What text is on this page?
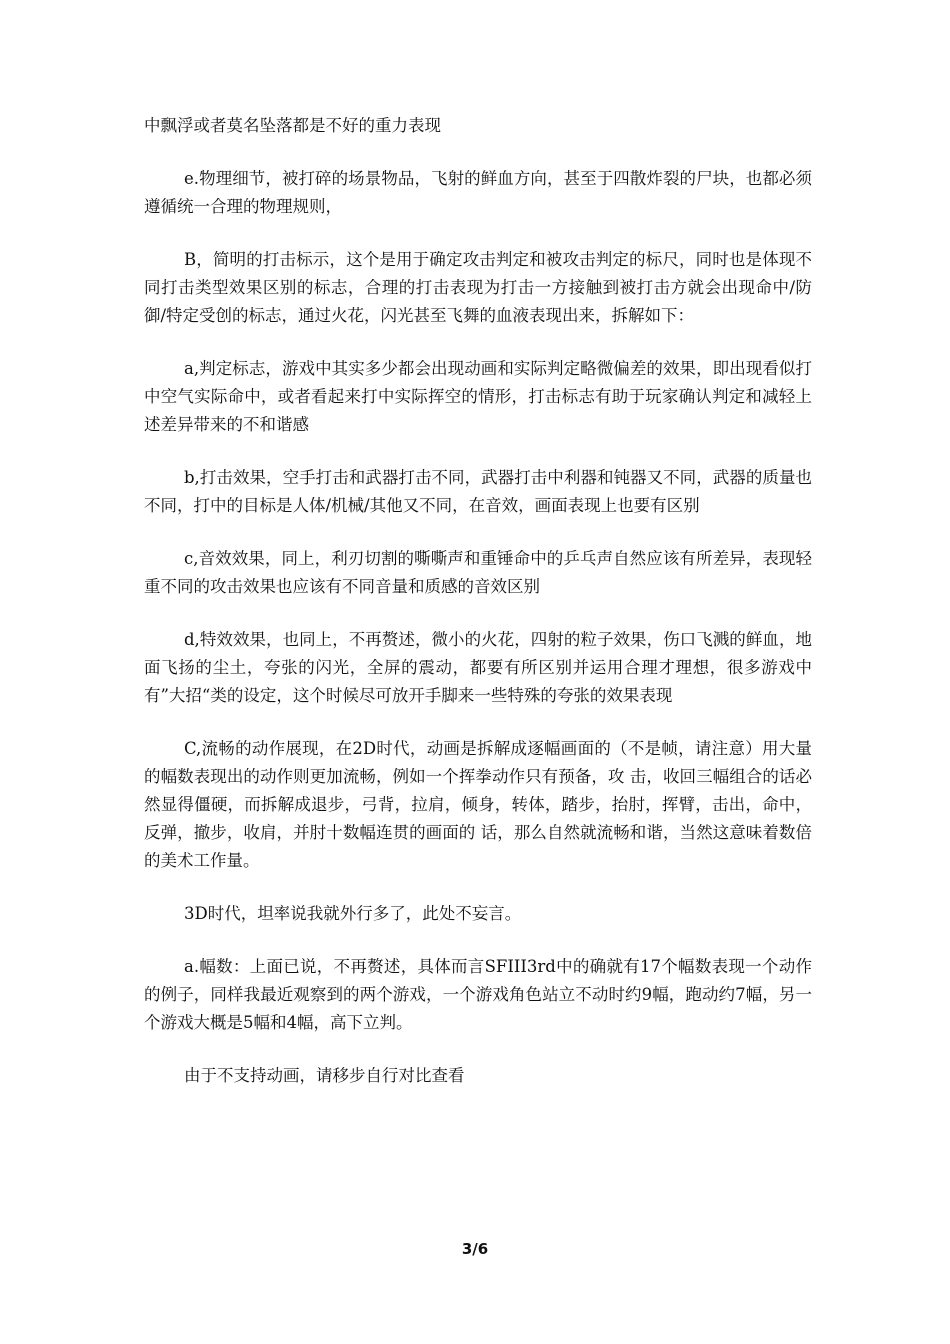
中飘浮或者莫名坠落都是不好的重力表现

e.物理细节，被打碎的场景物品，飞射的鲜血方向，甚至于四散炸裂的尸块，也都必须遵循统一合理的物理规则，

B，简明的打击标示，这个是用于确定攻击判定和被攻击判定的标尺，同时也是体现不同打击类型效果区别的标志，合理的打击表现为打击一方接触到被打击方就会出现命中/防御/特定受创的标志，通过火花，闪光甚至飞舞的血液表现出来，拆解如下：

a,判定标志，游戏中其实多少都会出现动画和实际判定略微偏差的效果，即出现看似打中空气实际命中，或者看起来打中实际挥空的情形，打击标志有助于玩家确认判定和减轻上述差异带来的不和谐感

b,打击效果，空手打击和武器打击不同，武器打击中利器和钝器又不同，武器的质量也不同，打中的目标是人体/机械/其他又不同，在音效，画面表现上也要有区别

c,音效效果，同上，利刃切割的嘶嘶声和重锤命中的乒乓声自然应该有所差异，表现轻重不同的攻击效果也应该有不同音量和质感的音效区别

d,特效效果，也同上，不再赘述，微小的火花，四射的粒子效果，伤口飞溅的鲜血，地面飞扬的尘土，夸张的闪光，全屏的震动，都要有所区别并运用合理才理想，很多游戏中有”大招“类的设定，这个时候尽可放开手脚来一些特殊的夸张的效果表现

C,流畅的动作展现，在2D时代，动画是拆解成逐幅画面的（不是帧，请注意）用大量的幅数表现出的动作则更加流畅，例如一个挥拳动作只有预备，攻 击，收回三幅组合的话必然显得僵硬，而拆解成退步，弓背，拉肩，倾身，转体，踏步，抬肘，挥臂，击出，命中，反弹，撤步，收肩，并肘十数幅连贯的画面的 话，那么自然就流畅和谐，当然这意味着数倍的美术工作量。

3D时代，坦率说我就外行多了，此处不妄言。

a.幅数：上面已说，不再赘述，具体而言SFIII3rd中的确就有17个幅数表现一个动作的例子，同样我最近观察到的两个游戏，一个游戏角色站立不动时约9幅，跑动约7幅，另一个游戏大概是5幅和4幅，高下立判。

由于不支持动画，请移步自行对比查看

3/6
